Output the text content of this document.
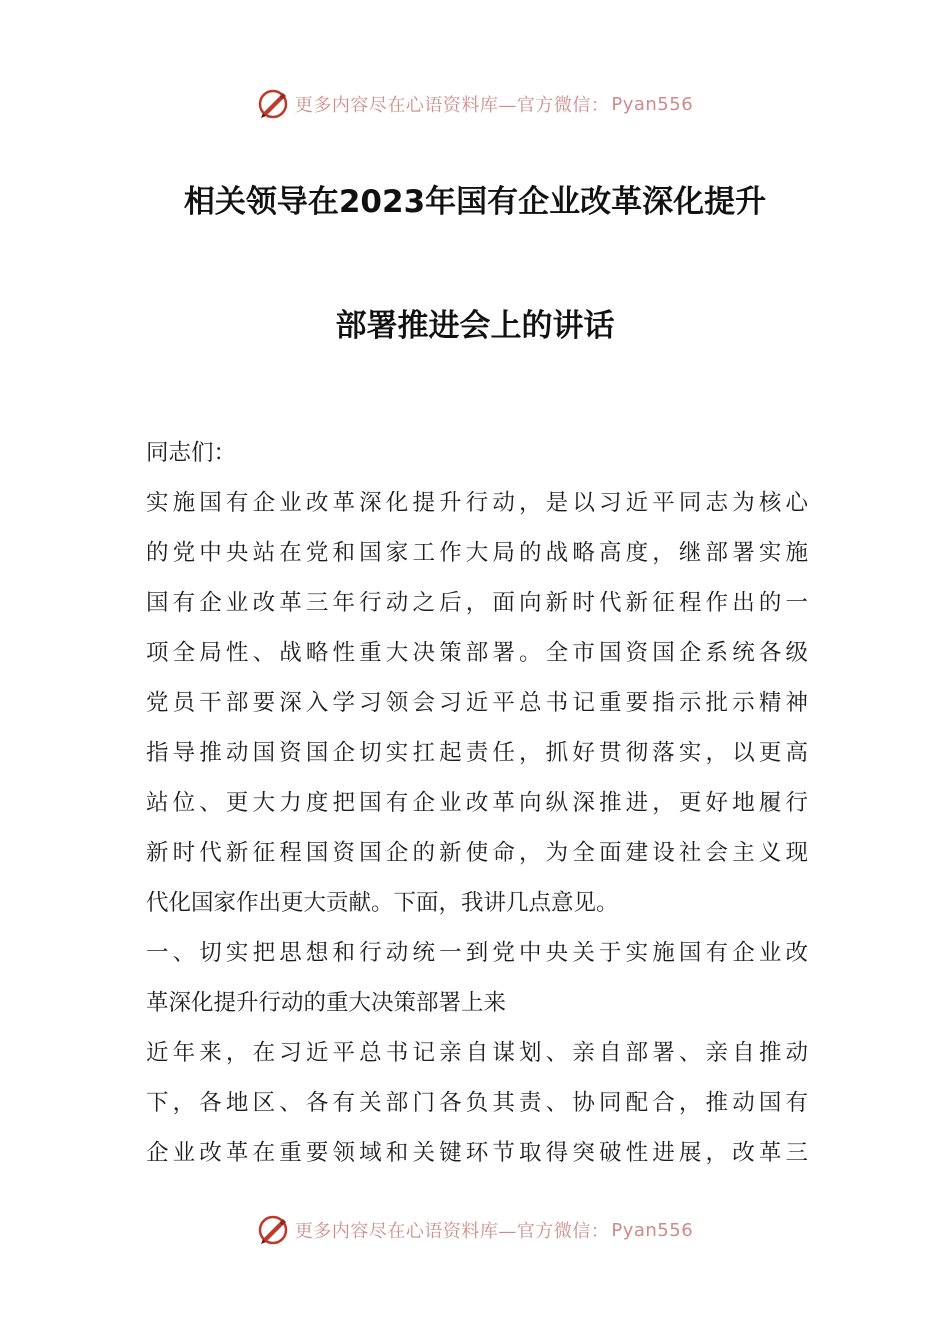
更多内容尽在心语资料库—官方微信： Pyan556
相关领导在2023年国有企业改革深化提升
部署推进会上的讲话
同志们：
实施国有企业改革深化提升行动，是以习近平同志为核心
的党中央站在党和国家工作大局的战略高度，继部署实施
国有企业改革三年行动之后，面向新时代新征程作出的一
项全局性、战略性重大决策部署。全市国资国企系统各级
党员干部要深入学习领会习近平总书记重要指示批示精神
指导推动国资国企切实扛起责任，抓好贯彻落实，以更高
站位、更大力度把国有企业改革向纵深推进，更好地履行
新时代新征程国资国企的新使命，为全面建设社会主义现
代化国家作出更大贡献。下面，我讲几点意见。
一、切实把思想和行动统一到党中央关于实施国有企业改
革深化提升行动的重大决策部署上来
近年来，在习近平总书记亲自谋划、亲自部署、亲自推动
下，各地区、各有关部门各负其责、协同配合，推动国有
企业改革在重要领域和关键环节取得突破性进展，改革三
更多内容尽在心语资料库—官方微信： Pyan556
